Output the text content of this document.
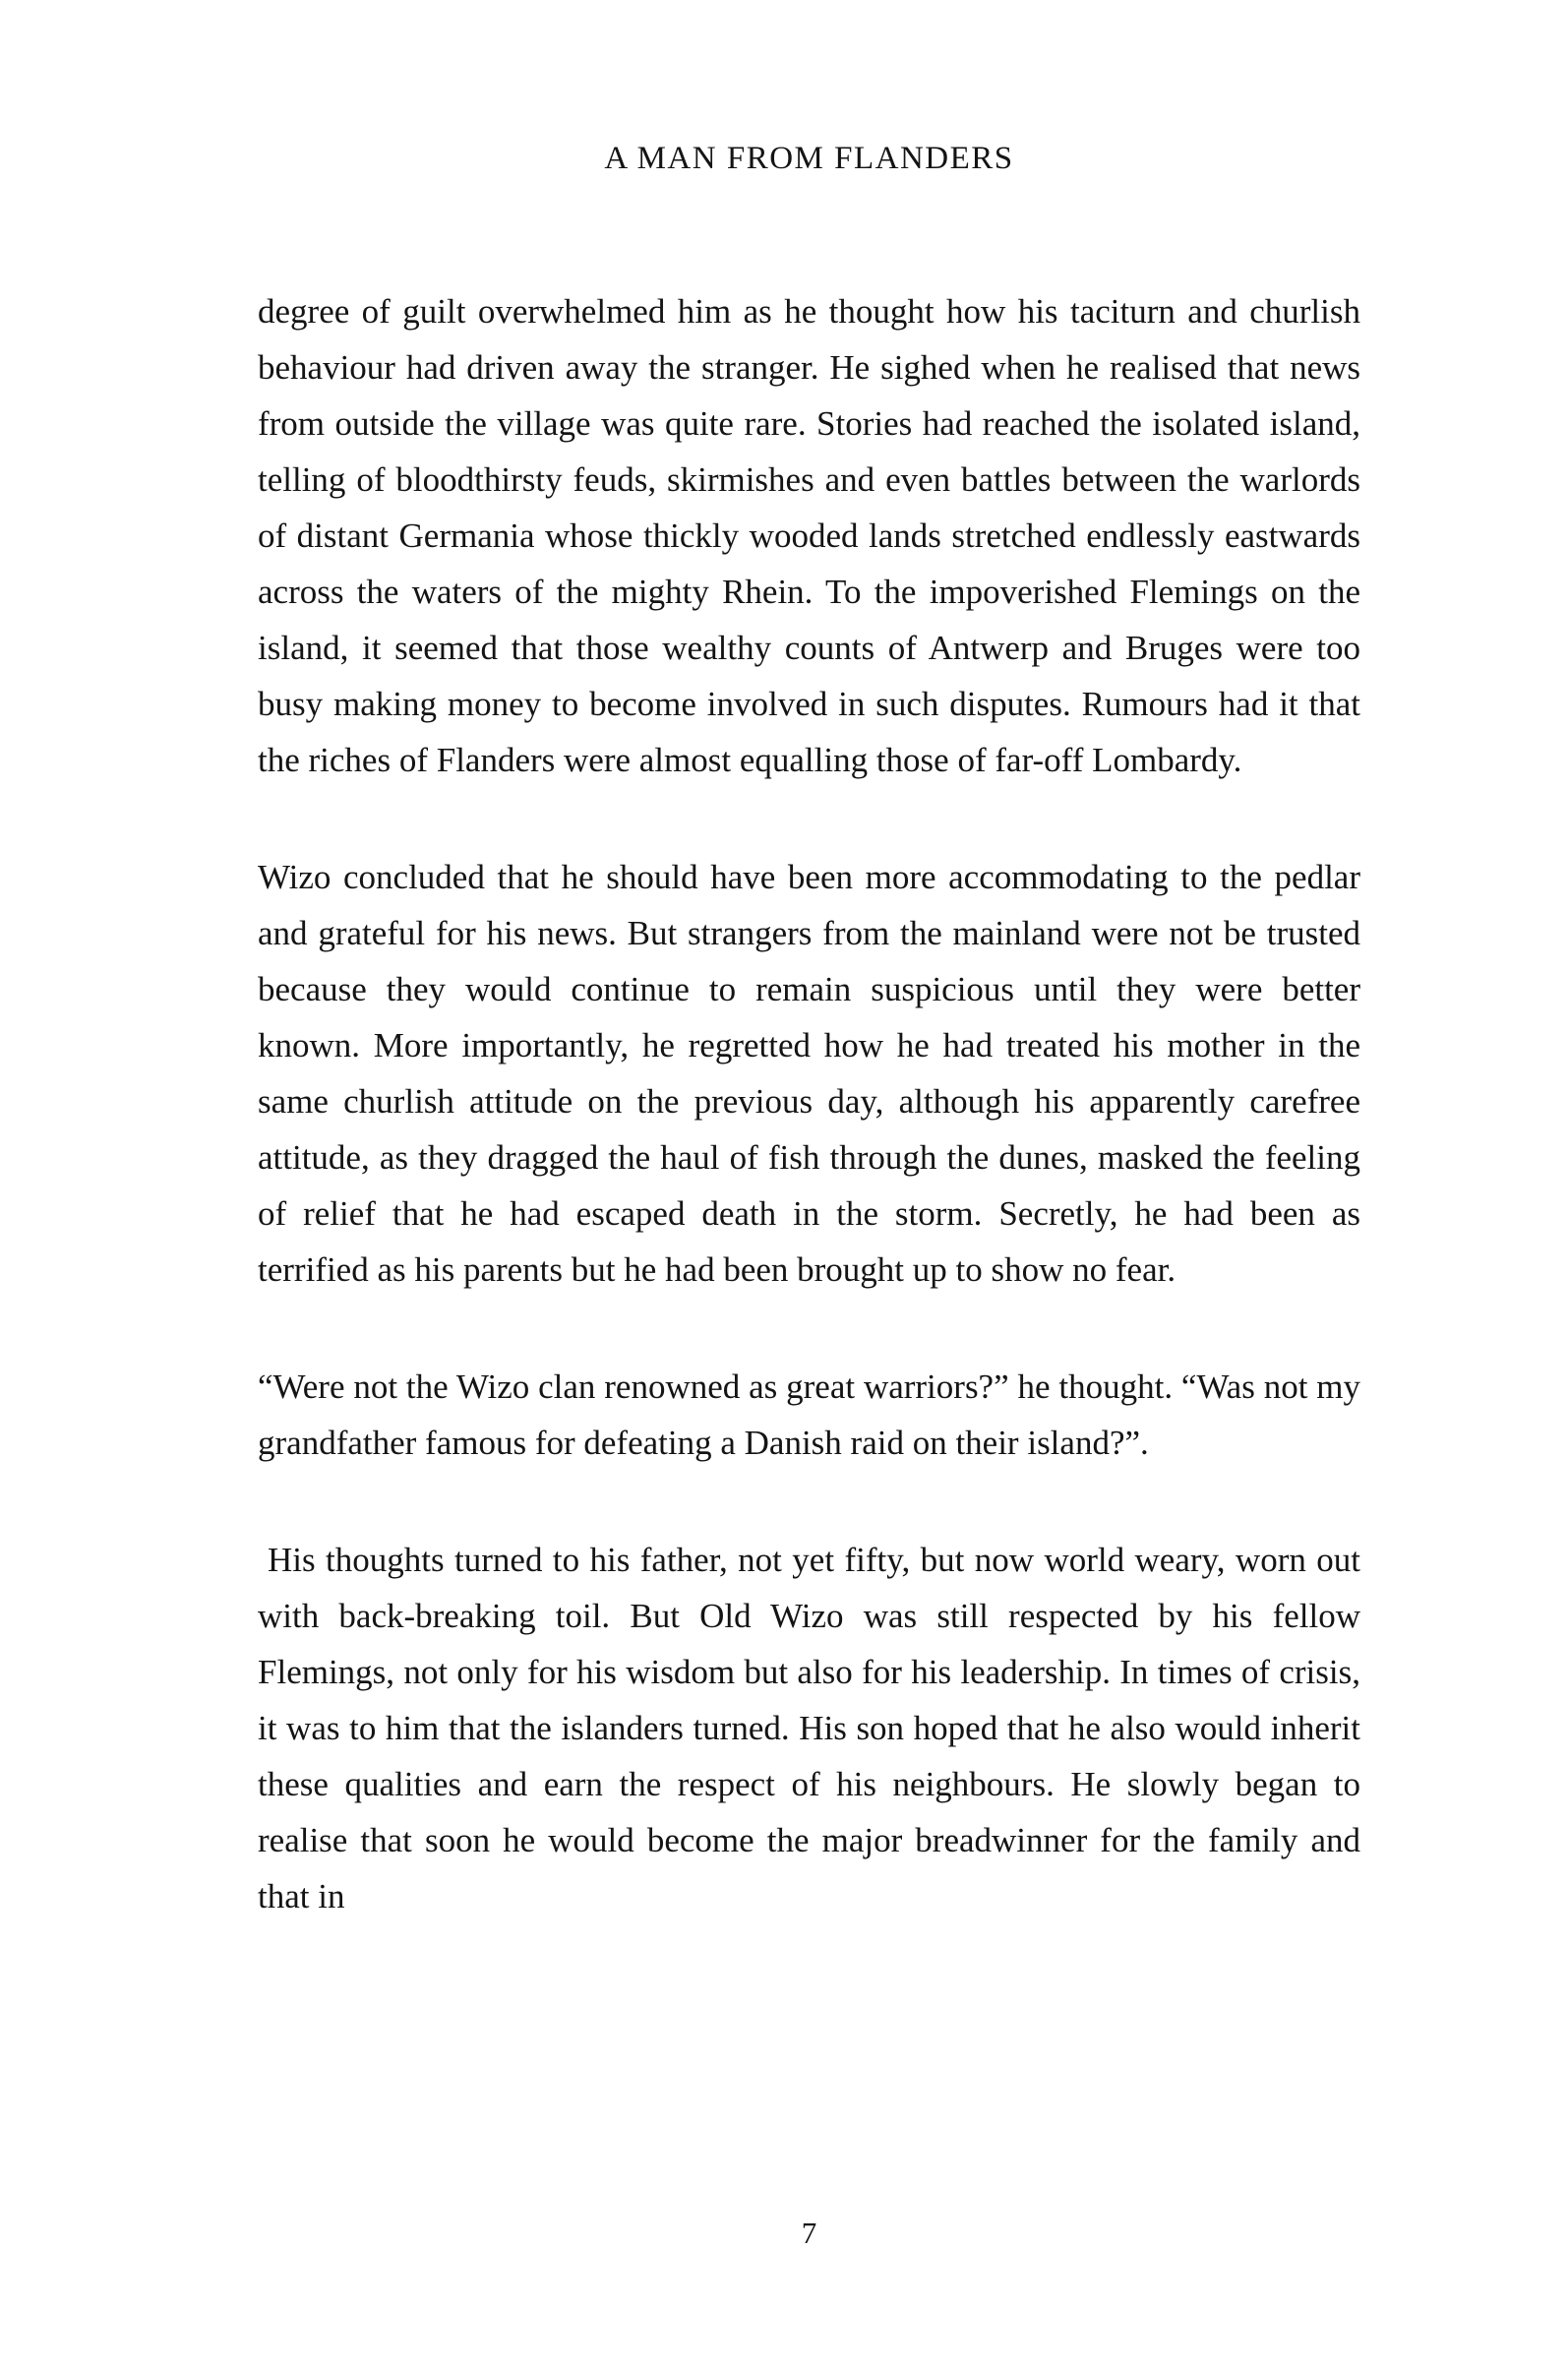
A MAN FROM FLANDERS

degree of guilt overwhelmed him as he thought how his taciturn and churlish behaviour had driven away the stranger. He sighed when he realised that news from outside the village was quite rare. Stories had reached the isolated island, telling of bloodthirsty feuds, skirmishes and even battles between the warlords of distant Germania whose thickly wooded lands stretched endlessly eastwards across the waters of the mighty Rhein. To the impoverished Flemings on the island, it seemed that those wealthy counts of Antwerp and Bruges were too busy making money to become involved in such disputes. Rumours had it that the riches of Flanders were almost equalling those of far-off Lombardy.

Wizo concluded that he should have been more accommodating to the pedlar and grateful for his news. But strangers from the mainland were not be trusted because they would continue to remain suspicious until they were better known. More importantly, he regretted how he had treated his mother in the same churlish attitude on the previous day, although his apparently carefree attitude, as they dragged the haul of fish through the dunes, masked the feeling of relief that he had escaped death in the storm. Secretly, he had been as terrified as his parents but he had been brought up to show no fear.

“Were not the Wizo clan renowned as great warriors?” he thought. “Was not my grandfather famous for defeating a Danish raid on their island?”.

His thoughts turned to his father, not yet fifty, but now world weary, worn out with back-breaking toil. But Old Wizo was still respected by his fellow Flemings, not only for his wisdom but also for his leadership. In times of crisis, it was to him that the islanders turned. His son hoped that he also would inherit these qualities and earn the respect of his neighbours. He slowly began to realise that soon he would become the major breadwinner for the family and that in

7
